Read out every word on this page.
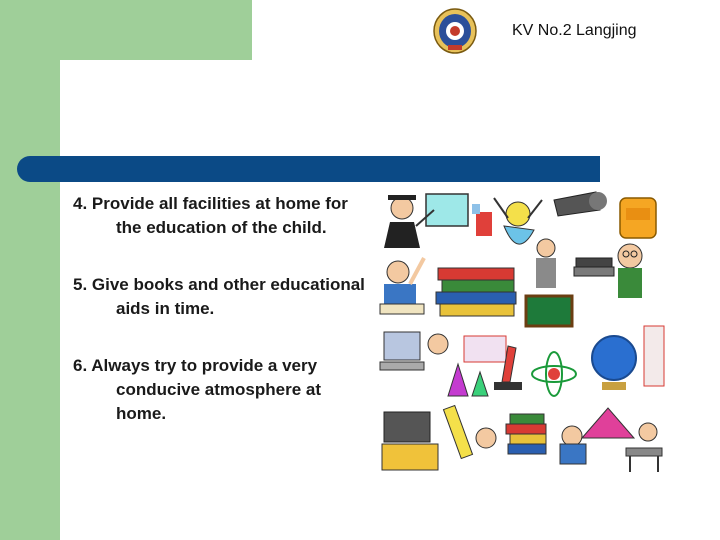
KV No.2 Langjing
4. Provide all facilities at home for the education of the child.
5. Give books and other educational aids in time.
6. Always try to provide a very conducive atmosphere at home.
